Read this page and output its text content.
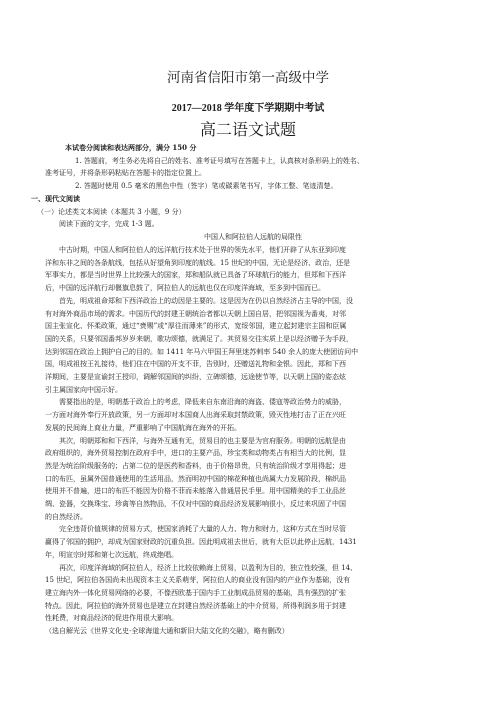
河南省信阳市第一高级中学
2017—2018 学年度下学期期中考试
高二语文试题
本试卷分阅读和表达两部分，满分 150 分
1. 答题前，考生务必先将自己的姓名、准考证号填写在答题卡上，认真核对条形码上的姓名、
准考证号，并将条形码粘贴在答题卡的指定位置上。
2. 答题时使用 0.5 毫米的黑色中性（签字）笔或碳素笔书写，字体工整、笔迹清楚。
一、现代文阅读
（一）论述类文本阅读（本题共 3 小题，9 分）
阅读下面的文字，完成 1-3 题。
中国人和阿拉伯人远航的局限性
中古时期，中国人和阿拉伯人的远洋航行技术处于世界的领先水平，他们开辟了从东亚到印度
洋和东非之间的各条航线，包括从好望角到印度的航线。15 世纪的中国，无论是经济、政治，还是
军事实力，都是当时世界上比较强大的国家，郑和船队就已具备了环球航行的能力，但郑和下西洋
后，中国的远洋航行却偃旗息鼓了，阿拉伯人的远航也仅在印度洋海域，至多到中国而已。
首先，明成祖命郑和下西洋政治上的动因是主要的。这是因为在仍以自然经济占主导的中国，没
有对海外商品市场的需求。中国历代的封建王朝统治者都以天朝上国自居，把邻国视为番夷，对邻
国主张宣化、怀柔政策，通过“赍赐”或“厚往而薄来”的形式，宽绥邻国，建立起封建宗主国和臣属
国的关系，只要邻国番邦岁岁来朝，歌功颂德，就满足了。其贸易交往实质上是以经济赠予为手段，
达到邻国在政治上拥护自己的目的。如 1411 年马六甲国王拜里迷苏剌率 540 余人的庞大使团访问中
国，明成祖按王礼接待，他们住在中国的开支不菲，告别时，还赠送礼物和金银。因此，郑和下西
洋期间，主要是宣谕封王授印，调解邻国间的纠纷，立碑颂德，远途使节等，以天朝上国的姿态炫
引主属国家向中国示好。
需要指出的是，明朝基于政治上的考虑，降低来自东南沿海的海盗、倭寇等政治势力的威胁，
一方面对海外奉行开放政策，另一方面却对本国商人出海采取封禁政策，毁灭性地打击了正在兴旺
发展的民间海上商业力量，严重影响了中国航海在海外的开拓。
其次，明朝郑和和下西洋，与海外互通有无，贸易目的也主要是为官府服务。明朝的远航是由
政府组织的，海外贸易控制在政府手中，进口的主要产品，珍宝类和动物类占有相当大的比例，显
然是为统治阶级服务的；占第二位的是医药和香料，由于价格昂贵，只有统治阶级才享用得起；进
口的布匹，虽属外国普通使用的生活用品，然而明初中国的棉花种植也尚属大力发展阶段，棉织品
使用并不普遍，进口的布匹不能因为价格不菲而未能落入普通居民手里。用中国精美的手工业品丝
绸、瓷器，交换珠宝、珍禽等自然物品，不仅对中国的商品经济发展影响很小，反过来巩固了中国
的自然经济。
完全违背价值规律的贸易方式，使国家消耗了大量的人力、物力和财力，这种方式在当时尽管
赢得了邻国的拥护，却成为国家财政的沉重负担。因此明成祖去世后，就有大臣以此停止远航，1431
年，明宣宗时郑和第七次远航，终成绝唱。
再次，印度洋海域的阿拉伯人，经济上比较依赖海上贸易，以盈利为目的，独立性较强，但 14、
15 世纪，阿拉伯各国尚未出现资本主义关系萌芽，阿拉伯人的商业没有国内的产业作为基础，没有
建立海内外一体化贸易网络的必要，不像西欧基于国内手工业制成品贸易的基础，具有强烈的扩张
特点。因此，阿拉伯的海外贸易也是建立在封建自然经济基础上的中介贸易，所得利润多用于封建
性耗费，对商品经济的促进作用很大影响。
（选自解光云《世界文化史·全球海道大通和新旧大陆文化的交融》，略有删改）
